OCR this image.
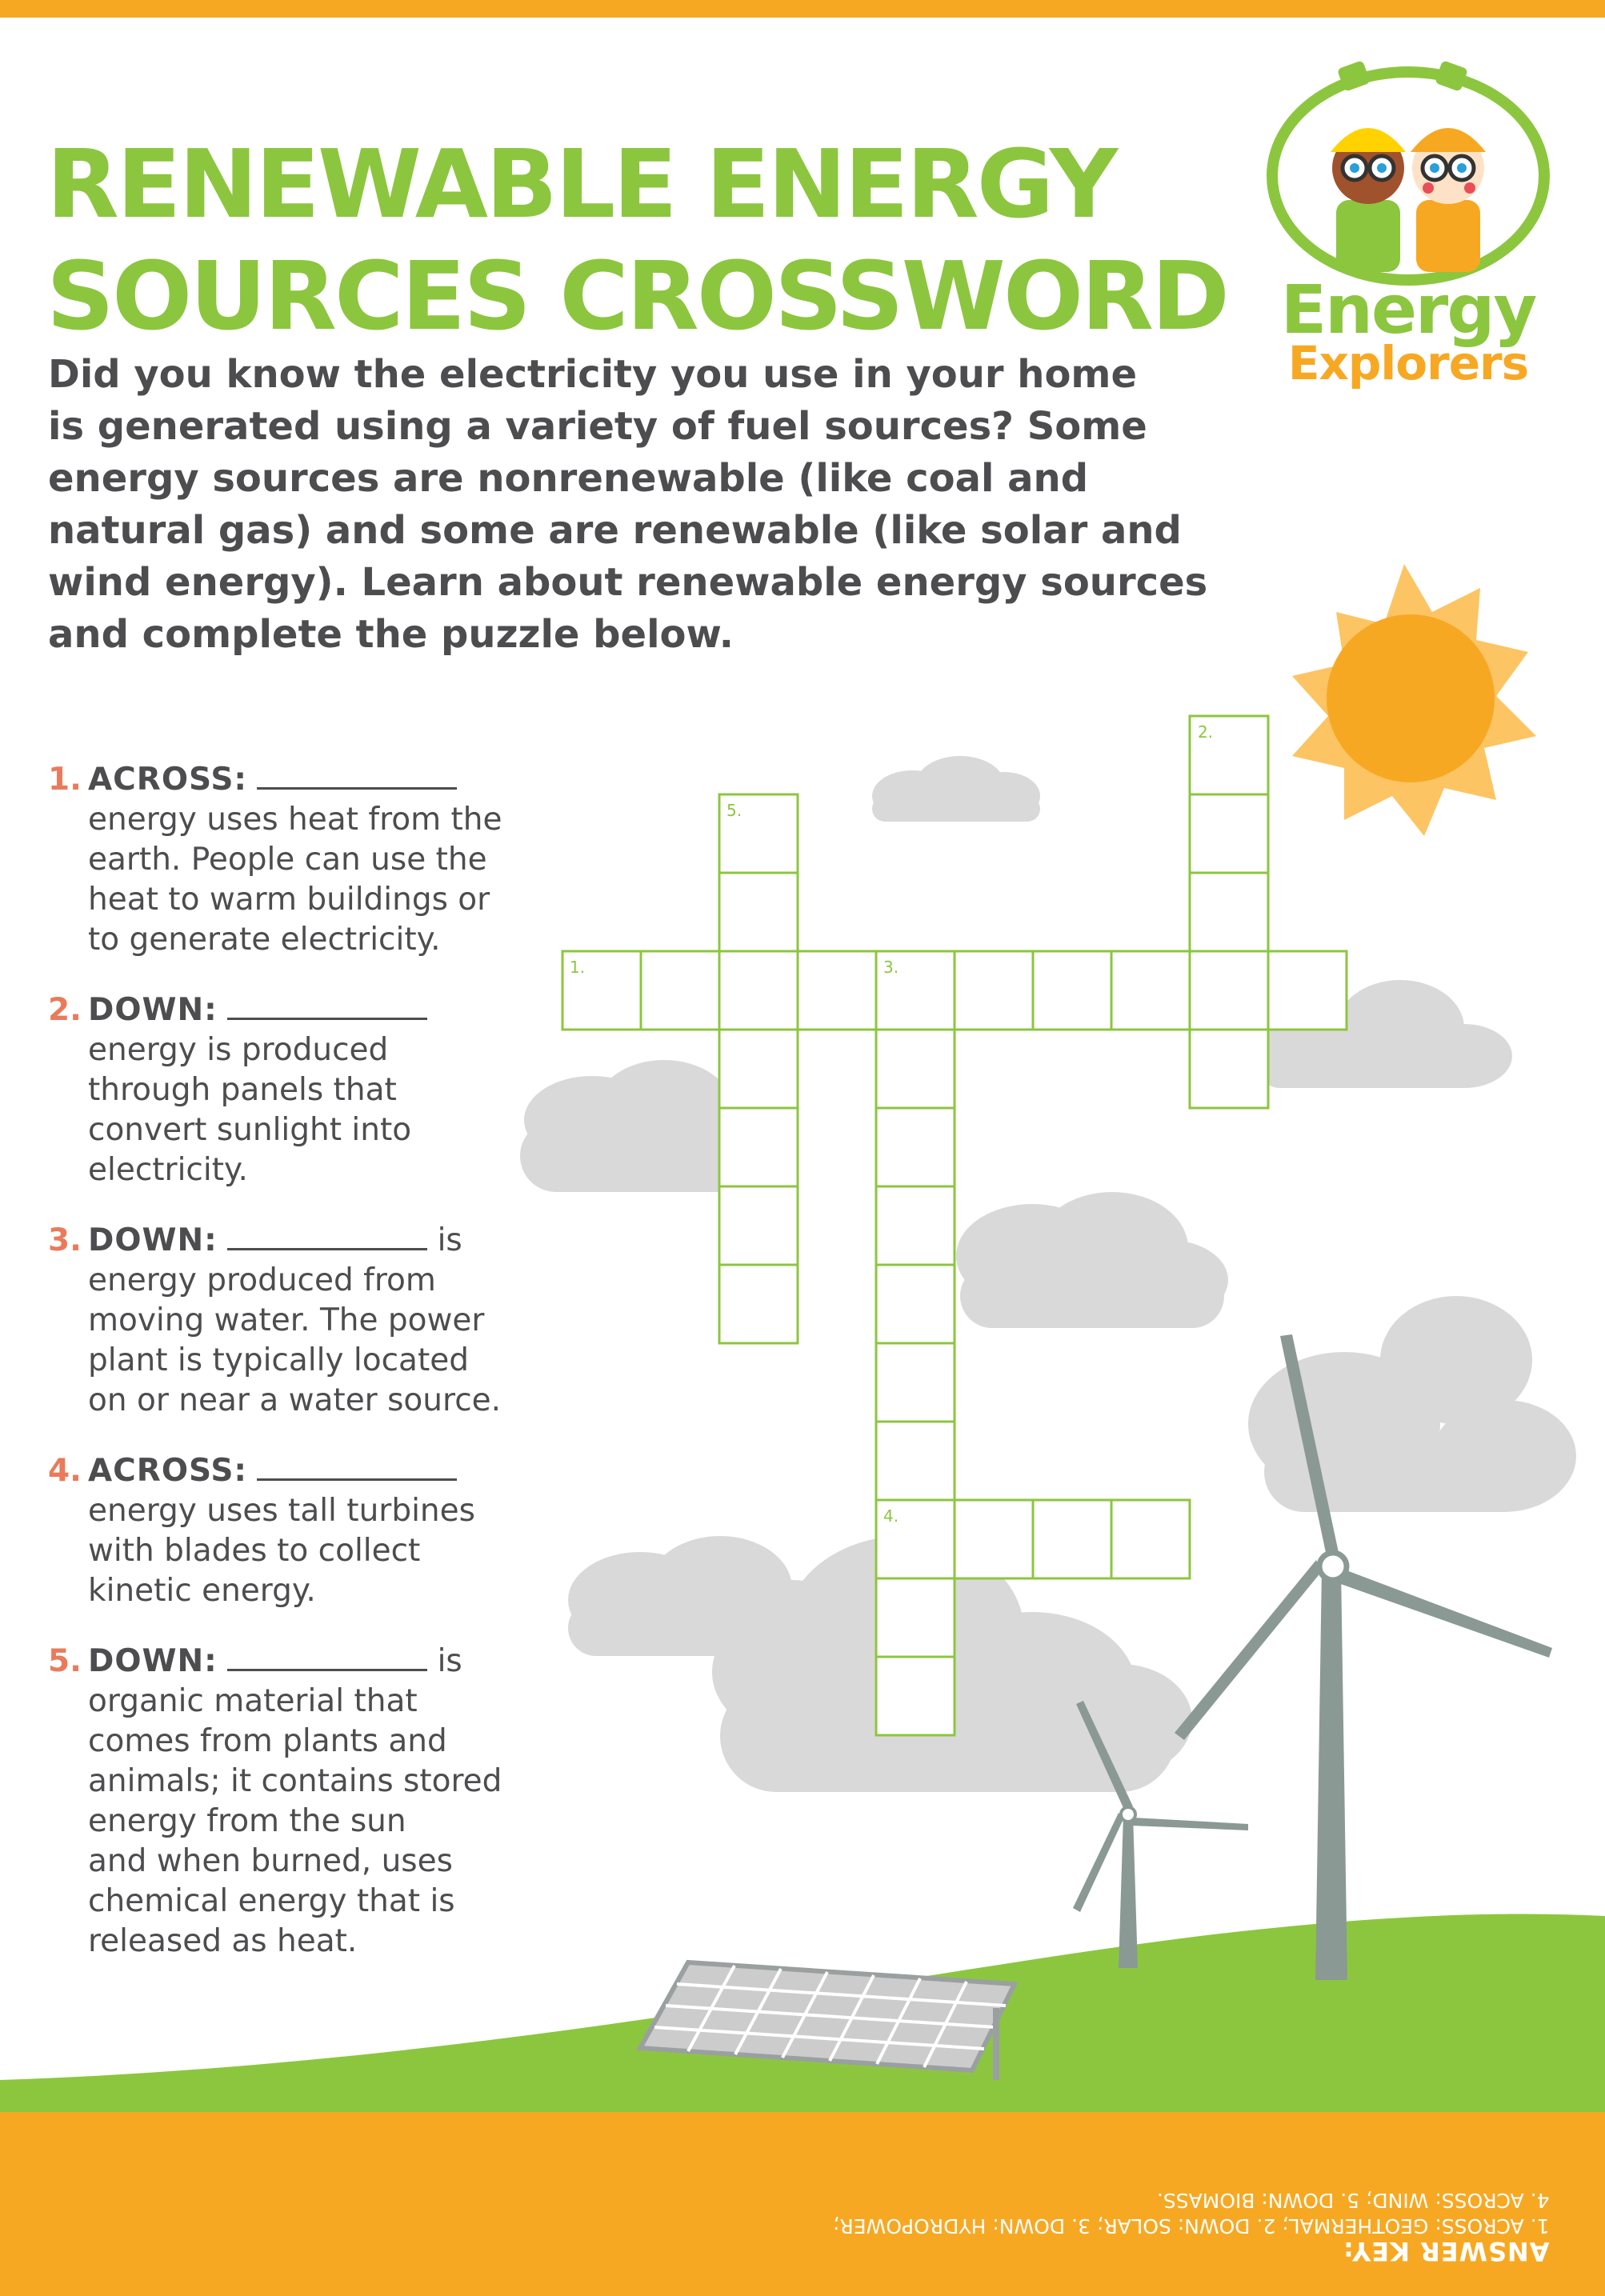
1.
2.
3.
4.
5.
RENEWABLE ENERGY
SOURCES CROSSWORD
Did you know the electricity you use in your home
is generated using a variety of fuel sources? Some
energy sources are nonrenewable (like coal and
natural gas) and some are renewable (like solar and
wind energy). Learn about renewable energy sources
and complete the puzzle below.
Energy
Explorers
1. ACROSS:
energy uses heat from the
earth. People can use the
heat to warm buildings or
to generate electricity.
2. DOWN:
energy is produced
through panels that
convert sunlight into
electricity.
3. DOWN:	is
energy produced from
moving water. The power
plant is typically located
on or near a water source.
4. ACROSS:
energy uses tall turbines
with blades to collect
kinetic energy.
5. DOWN:	is
organic material that
comes from plants and
animals; it contains stored
energy from the sun
and when burned, uses
chemical energy that is
released as heat.
ANSWER KEY:
1. ACROSS: GEOTHERMAL; 2. DOWN: SOLAR; 3. DOWN: HYDROPOWER;
4. ACROSS: WIND; 5. DOWN: BIOMASS.
